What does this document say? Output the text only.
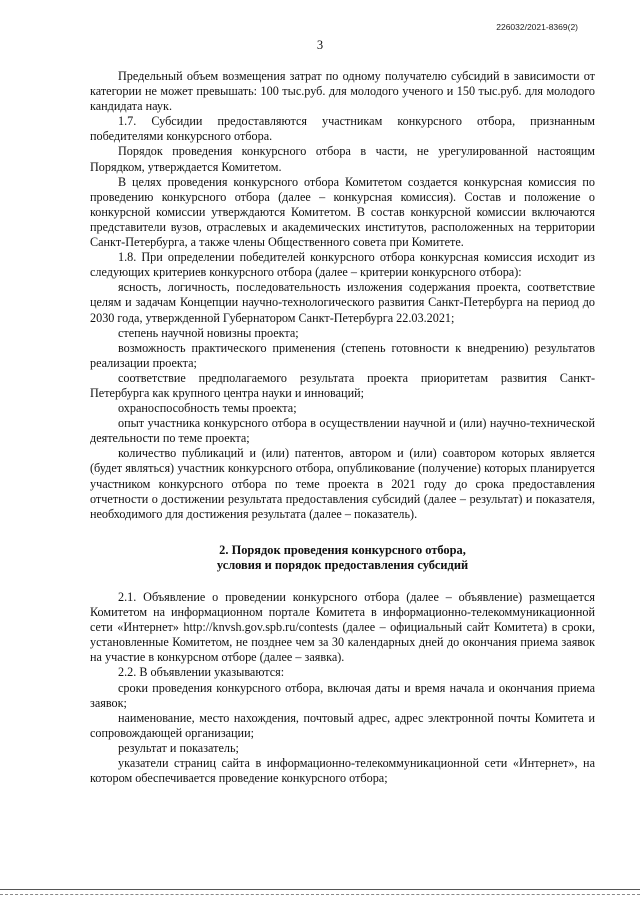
226032/2021-8369(2)
3

Предельный объем возмещения затрат по одному получателю субсидий в зависимости от категории не может превышать: 100 тыс.руб. для молодого ученого и 150 тыс.руб. для молодого кандидата наук.

1.7. Субсидии предоставляются участникам конкурсного отбора, признанным победителями конкурсного отбора.

Порядок проведения конкурсного отбора в части, не урегулированной настоящим Порядком, утверждается Комитетом.

В целях проведения конкурсного отбора Комитетом создается конкурсная комиссия по проведению конкурсного отбора (далее – конкурсная комиссия). Состав и положение о конкурсной комиссии утверждаются Комитетом. В состав конкурсной комиссии включаются представители вузов, отраслевых и академических институтов, расположенных на территории Санкт-Петербурга, а также члены Общественного совета при Комитете.

1.8. При определении победителей конкурсного отбора конкурсная комиссия исходит из следующих критериев конкурсного отбора (далее – критерии конкурсного отбора):

ясность, логичность, последовательность изложения содержания проекта, соответствие целям и задачам Концепции научно-технологического развития Санкт-Петербурга на период до 2030 года, утвержденной Губернатором Санкт-Петербурга 22.03.2021;

степень научной новизны проекта;

возможность практического применения (степень готовности к внедрению) результатов реализации проекта;

соответствие предполагаемого результата проекта приоритетам развития Санкт-Петербурга как крупного центра науки и инноваций;

охраноспособность темы проекта;

опыт участника конкурсного отбора в осуществлении научной и (или) научно-технической деятельности по теме проекта;

количество публикаций и (или) патентов, автором и (или) соавтором которых является (будет являться) участник конкурсного отбора, опубликование (получение) которых планируется участником конкурсного отбора по теме проекта в 2021 году до срока предоставления отчетности о достижении результата предоставления субсидий (далее – результат) и показателя, необходимого для достижения результата (далее – показатель).

2. Порядок проведения конкурсного отбора,
условия и порядок предоставления субсидий

2.1. Объявление о проведении конкурсного отбора (далее – объявление) размещается Комитетом на информационном портале Комитета в информационно-телекоммуникационной сети «Интернет» http://knvsh.gov.spb.ru/contests (далее – официальный сайт Комитета) в сроки, установленные Комитетом, не позднее чем за 30 календарных дней до окончания приема заявок на участие в конкурсном отборе (далее – заявка).

2.2. В объявлении указываются:

сроки проведения конкурсного отбора, включая даты и время начала и окончания приема заявок;

наименование, место нахождения, почтовый адрес, адрес электронной почты Комитета и сопровождающей организации;

результат и показатель;

указатели страниц сайта в информационно-телекоммуникационной сети «Интернет», на котором обеспечивается проведение конкурсного отбора;
